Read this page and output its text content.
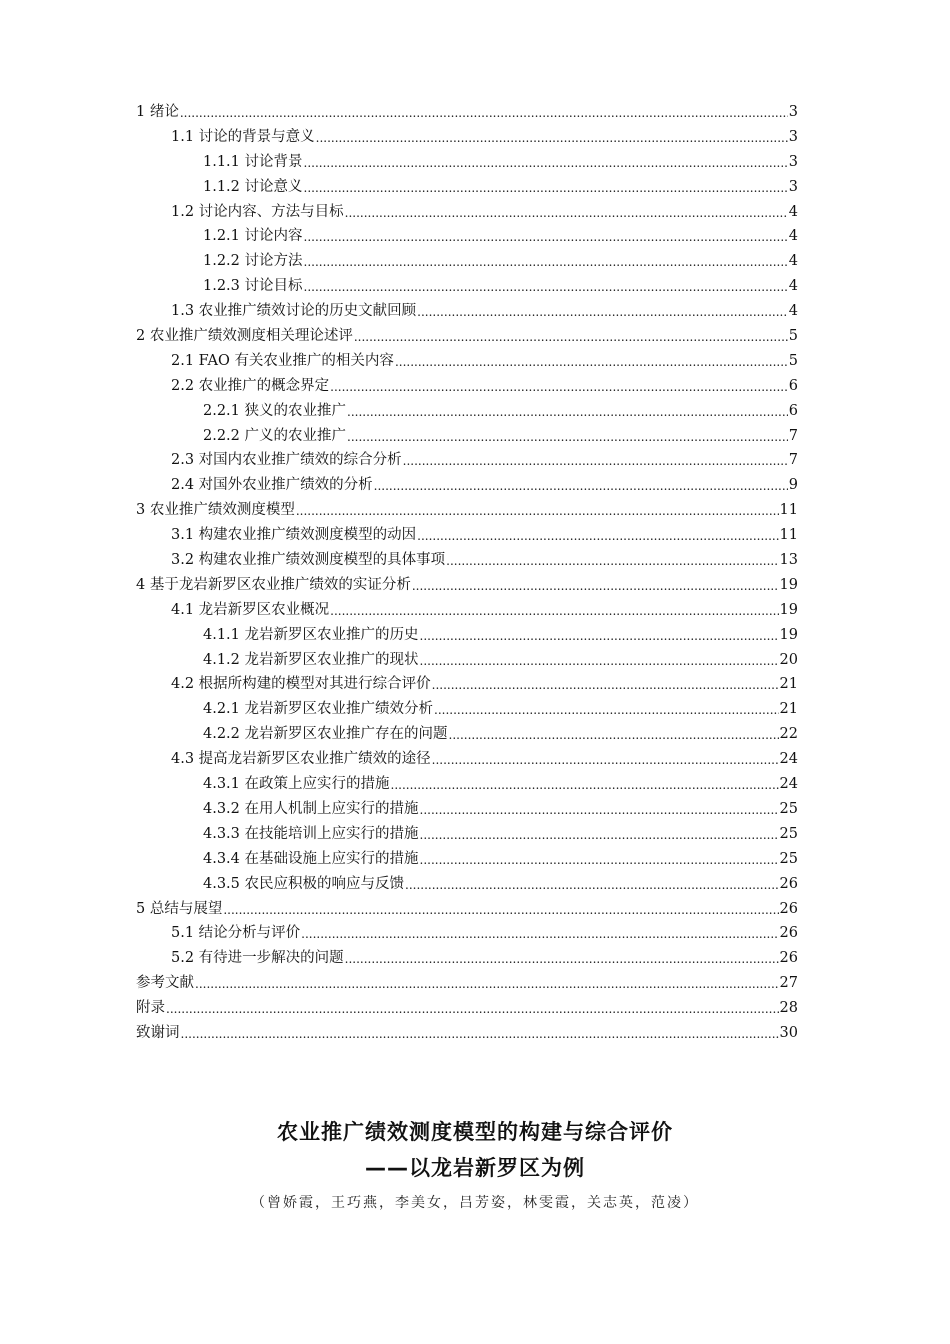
1 绪论 .....	3
1.1 讨论的背景与意义 .....	3
1.1.1 讨论背景 .....	3
1.1.2 讨论意义 .....	3
1.2 讨论内容、方法与目标 .....	4
1.2.1 讨论内容 .....	4
1.2.2 讨论方法 .....	4
1.2.3 讨论目标 .....	4
1.3 农业推广绩效讨论的历史文献回顾 .....	4
2 农业推广绩效测度相关理论述评 .....	5
2.1 FAO 有关农业推广的相关内容 .....	5
2.2 农业推广的概念界定 .....	6
2.2.1 狭义的农业推广 .....	6
2.2.2 广义的农业推广 .....	7
2.3 对国内农业推广绩效的综合分析 .....	7
2.4 对国外农业推广绩效的分析 .....	9
3 农业推广绩效测度模型 .....	11
3.1 构建农业推广绩效测度模型的动因 .....	11
3.2 构建农业推广绩效测度模型的具体事项 .....	13
4 基于龙岩新罗区农业推广绩效的实证分析 .....	19
4.1 龙岩新罗区农业概况 .....	19
4.1.1 龙岩新罗区农业推广的历史 .....	19
4.1.2 龙岩新罗区农业推广的现状 .....	20
4.2 根据所构建的模型对其进行综合评价 .....	21
4.2.1 龙岩新罗区农业推广绩效分析 .....	21
4.2.2 龙岩新罗区农业推广存在的问题 .....	22
4.3 提高龙岩新罗区农业推广绩效的途径 .....	24
4.3.1 在政策上应实行的措施 .....	24
4.3.2 在用人机制上应实行的措施 .....	25
4.3.3 在技能培训上应实行的措施 .....	25
4.3.4 在基础设施上应实行的措施 .....	25
4.3.5 农民应积极的响应与反馈 .....	26
5 总结与展望 .....	26
5.1 结论分析与评价 .....	26
5.2 有待进一步解决的问题 .....	26
参考文献 .....	27
附录 .....	28
致谢词 .....	30
农业推广绩效测度模型的构建与综合评价
——以龙岩新罗区为例
（曾娇霞，王巧燕，李美女，吕芳姿，林雯霞，关志英，范凌）
